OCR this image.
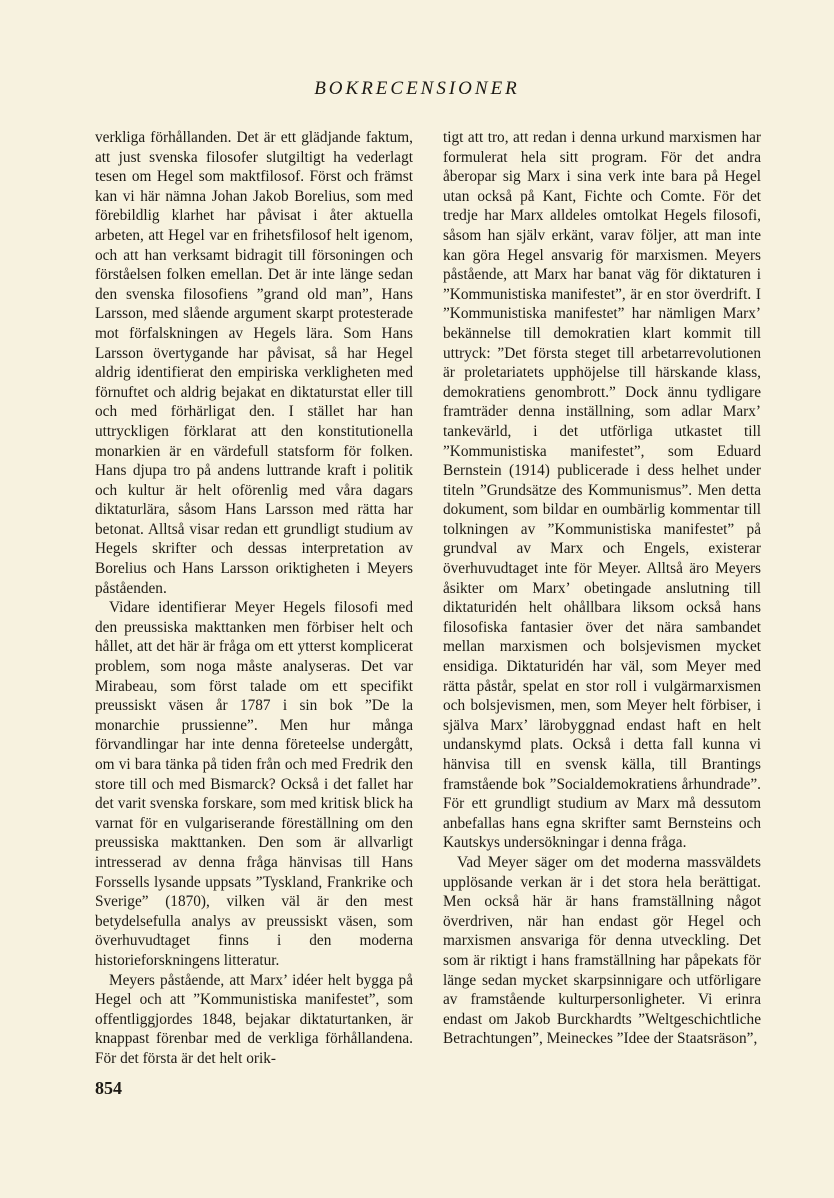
BOKRECENSIONER

verkliga förhållanden. Det är ett glädjande faktum, att just svenska filosofer slutgiltigt ha vederlagt tesen om Hegel som maktfilosof. Först och främst kan vi här nämna Johan Jakob Borelius, som med förebildlig klarhet har påvisat i åter aktuella arbeten, att Hegel var en frihetsfilosof helt igenom, och att han verksamt bidragit till försoningen och förståelsen folken emellan. Det är inte länge sedan den svenska filosofiens ”grand old man”, Hans Larsson, med slående argument skarpt protesterade mot förfalskningen av Hegels lära. Som Hans Larsson övertygande har påvisat, så har Hegel aldrig identifierat den empiriska verkligheten med förnuftet och aldrig bejakat en diktaturstat eller till och med förhärligat den. I stället har han uttryckligen förklarat att den konstitutionella monarkien är en värdefull statsform för folken. Hans djupa tro på andens luttrande kraft i politik och kultur är helt oförenlig med våra dagars diktaturlära, såsom Hans Larsson med rätta har betonat. Alltså visar redan ett grundligt studium av Hegels skrifter och dessas interpretation av Borelius och Hans Larsson oriktigheten i Meyers påståenden.

Vidare identifierar Meyer Hegels filosofi med den preussiska makttanken men förbiser helt och hållet, att det här är fråga om ett ytterst komplicerat problem, som noga måste analyseras. Det var Mirabeau, som först talade om ett specifikt preussiskt väsen år 1787 i sin bok ”De la monarchie prussienne”. Men hur många förvandlingar har inte denna företeelse undergått, om vi bara tänka på tiden från och med Fredrik den store till och med Bismarck? Också i det fallet har det varit svenska forskare, som med kritisk blick ha varnat för en vulgariserande föreställning om den preussiska makttanken. Den som är allvarligt intresserad av denna fråga hänvisas till Hans Forssells lysande uppsats ”Tyskland, Frankrike och Sverige” (1870), vilken väl är den mest betydelsefulla analys av preussiskt väsen, som överhuvudtaget finns i den moderna historieforskningens litteratur.

Meyers påstående, att Marx’ idéer helt bygga på Hegel och att ”Kommunistiska manifestet”, som offentliggjordes 1848, bejakar diktaturtanken, är knappast förenbar med de verkliga förhållandena. För det första är det helt orik-

tigt att tro, att redan i denna urkund marxismen har formulerat hela sitt program. För det andra åberopar sig Marx i sina verk inte bara på Hegel utan också på Kant, Fichte och Comte. För det tredje har Marx alldeles omtolkat Hegels filosofi, såsom han själv erkänt, varav följer, att man inte kan göra Hegel ansvarig för marxismen. Meyers påstående, att Marx har banat väg för diktaturen i ”Kommunistiska manifestet”, är en stor överdrift. I ”Kommunistiska manifestet” har nämligen Marx’ bekännelse till demokratien klart kommit till uttryck: ”Det första steget till arbetarrevolutionen är proletariatets upphöjelse till härskande klass, demokratiens genombrott.” Dock ännu tydligare framträder denna inställning, som adlar Marx’ tankevärld, i det utförliga utkastet till ”Kommunistiska manifestet”, som Eduard Bernstein (1914) publicerade i dess helhet under titeln ”Grundsätze des Kommunismus”. Men detta dokument, som bildar en oumbärlig kommentar till tolkningen av ”Kommunistiska manifestet” på grundval av Marx och Engels, existerar överhuvudtaget inte för Meyer. Alltså äro Meyers åsikter om Marx’ obetingade anslutning till diktaturidén helt ohållbara liksom också hans filosofiska fantasier över det nära sambandet mellan marxismen och bolsjevismen mycket ensidiga. Diktaturidén har väl, som Meyer med rätta påstår, spelat en stor roll i vulgärmarxismen och bolsjevismen, men, som Meyer helt förbiser, i själva Marx’ lärobyggnad endast haft en helt undanskymd plats. Också i detta fall kunna vi hänvisa till en svensk källa, till Brantings framstående bok ”Socialdemokratiens århundrade”. För ett grundligt studium av Marx må dessutom anbefallas hans egna skrifter samt Bernsteins och Kautskys undersökningar i denna fråga.

Vad Meyer säger om det moderna massväldets upplösande verkan är i det stora hela berättigat. Men också här är hans framställning något överdriven, när han endast gör Hegel och marxismen ansvariga för denna utveckling. Det som är riktigt i hans framställning har påpekats för länge sedan mycket skarpsinnigare och utförligare av framstående kulturpersonligheter. Vi erinra endast om Jakob Burckhardts ”Weltgeschichtliche Betrachtungen”, Meineckes ”Idee der Staatsräson”,

854
